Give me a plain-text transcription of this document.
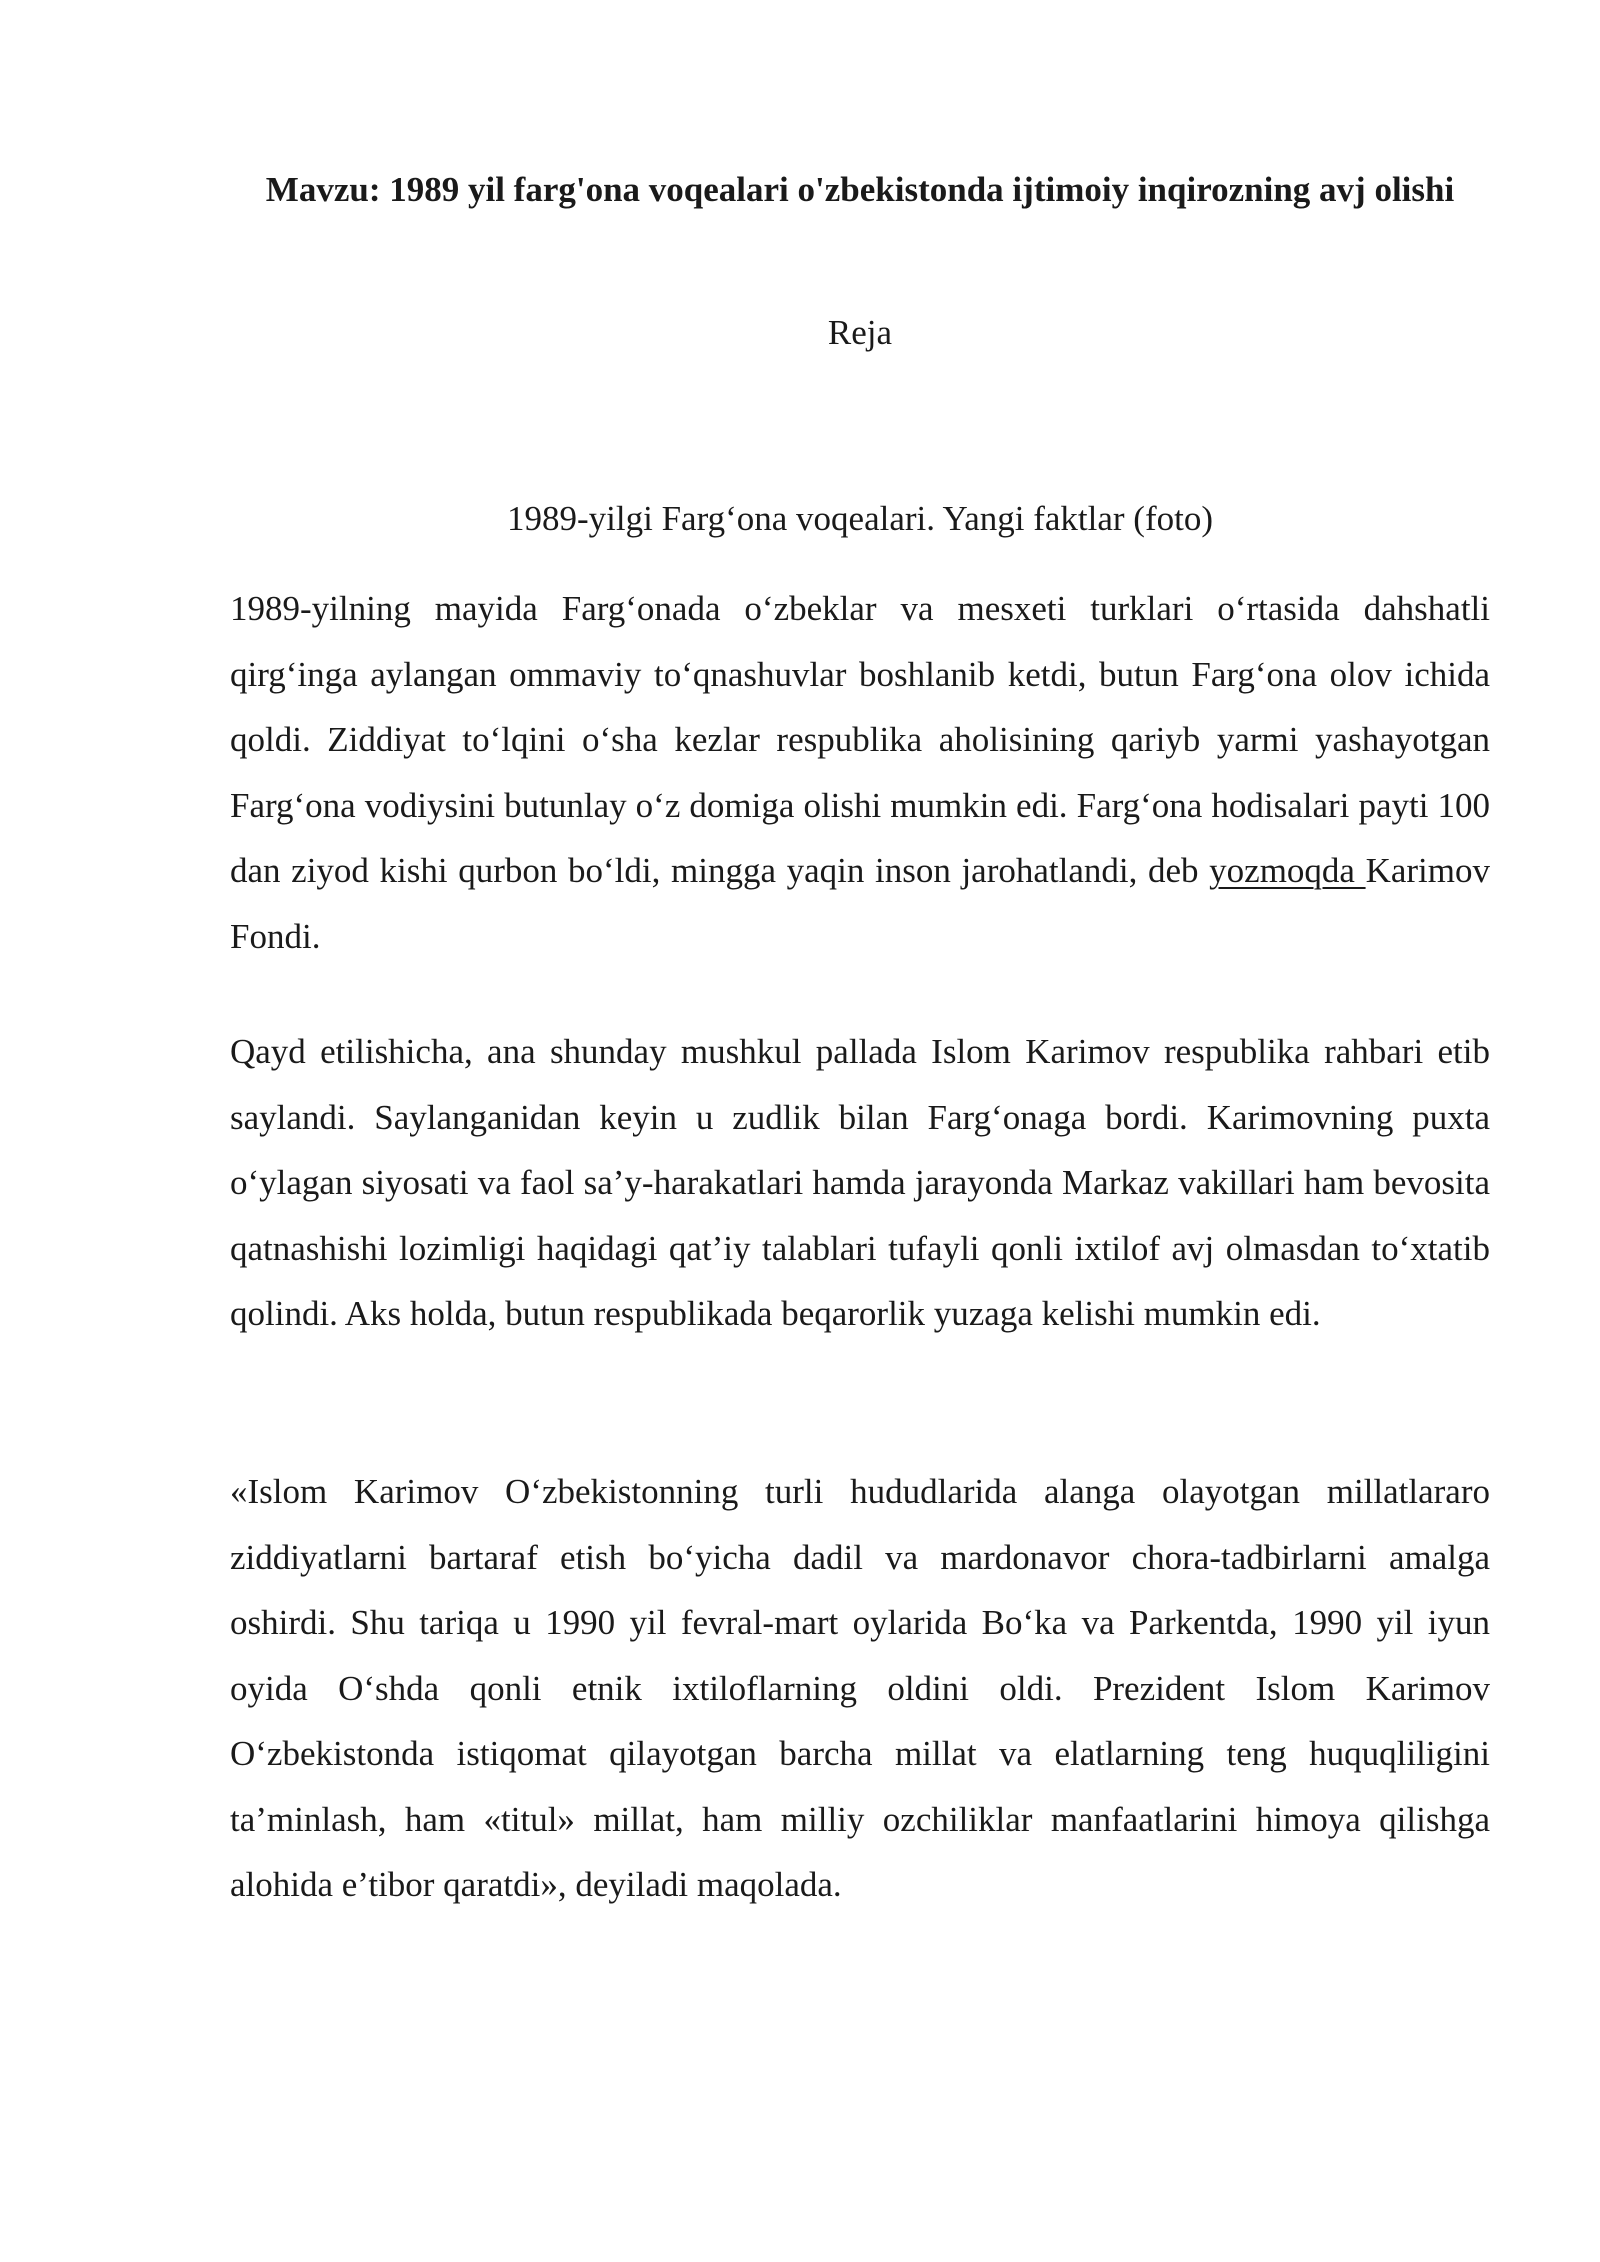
Mavzu: 1989 yil farg'ona voqealari o'zbekistonda ijtimoiy inqirozning avj olishi

Reja

1989-yilgi Farg‘ona voqealari. Yangi faktlar (foto)

1989-yilning mayida Farg‘onada o‘zbeklar va mesxeti turklari o‘rtasida dahshatli qirg‘inga aylangan ommaviy to‘qnashuvlar boshlanib ketdi, butun Farg‘ona olov ichida qoldi. Ziddiyat to‘lqini o‘sha kezlar respublika aholisining qariyb yarmi yashayotgan Farg‘ona vodiysini butunlay o‘z domiga olishi mumkin edi. Farg‘ona hodisalari payti 100 dan ziyod kishi qurbon bo‘ldi, mingga yaqin inson jarohatlandi, deb yozmoqda Karimov Fondi.

Qayd etilishicha, ana shunday mushkul pallada Islom Karimov respublika rahbari etib saylandi. Saylanganidan keyin u zudlik bilan Farg‘onaga bordi. Karimovning puxta o‘ylagan siyosati va faol sa’y-harakatlari hamda jarayonda Markaz vakillari ham bevosita qatnashishi lozimligi haqidagi qat’iy talablari tufayli qonli ixtilof avj olmasdan to‘xtatib qolindi. Aks holda, butun respublikada beqarorlik yuzaga kelishi mumkin edi.

«Islom Karimov O‘zbekistonning turli hududlarida alanga olayotgan millatlararo ziddiyatlarni bartaraf etish bo‘yicha dadil va mardonavor chora-tadbirlarni amalga oshirdi. Shu tariqa u 1990 yil fevral-mart oylarida Bo‘ka va Parkentda, 1990 yil iyun oyida O‘shda qonli etnik ixtiloflarning oldini oldi. Prezident Islom Karimov O‘zbekistonda istiqomat qilayotgan barcha millat va elatlarning teng huquqliligini ta’minlash, ham «titul» millat, ham milliy ozchiliklar manfaatlarini himoya qilishga alohida e’tibor qaratdi», deyiladi maqolada.
